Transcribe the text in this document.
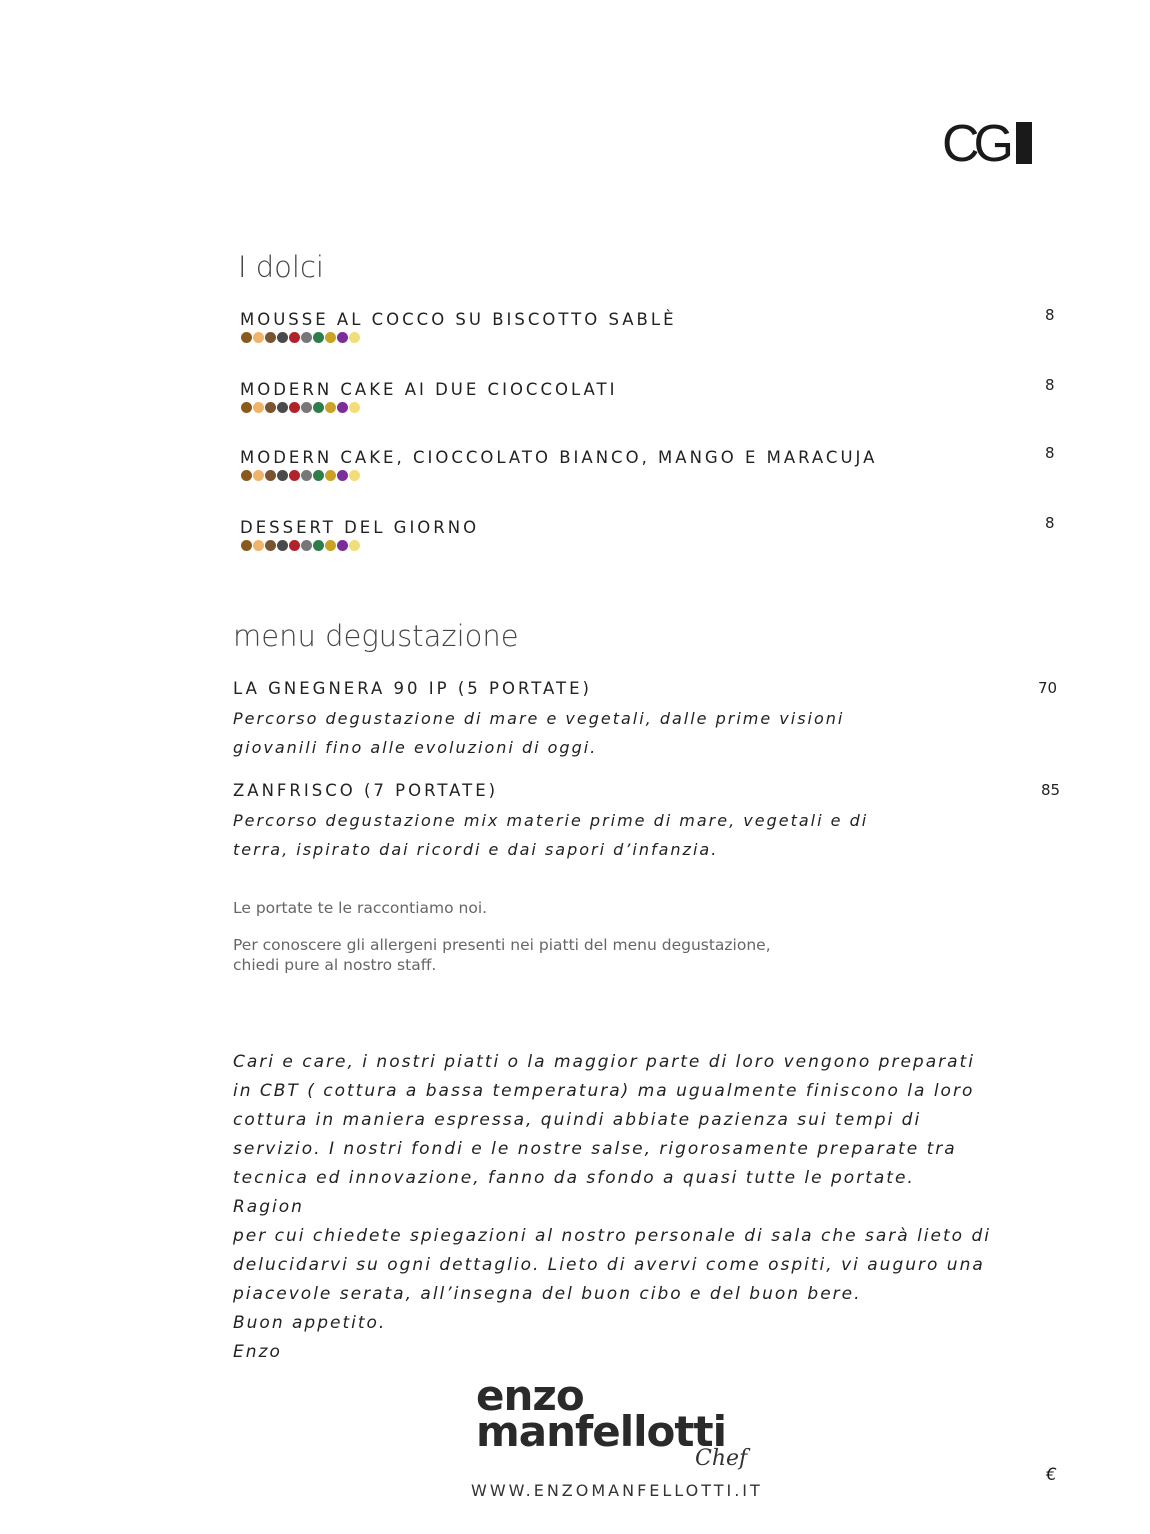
CG
I dolci
MOUSSE AL COCCO SU BISCOTTO SABLÈ	8
MODERN CAKE AI DUE CIOCCOLATI	8
MODERN CAKE, CIOCCOLATO BIANCO, MANGO E MARACUJA	8
DESSERT DEL GIORNO	8
menu degustazione
LA GNEGNERA 90 IP (5 PORTATE)	70
Percorso degustazione di mare e vegetali, dalle prime visioni
giovanili fino alle evoluzioni di oggi.
ZANFRISCO (7 PORTATE)	85
Percorso degustazione mix materie prime di mare, vegetali e di
terra, ispirato dai ricordi e dai sapori d’infanzia.
Le portate te le raccontiamo noi.
Per conoscere gli allergeni presenti nei piatti del menu degustazione,
chiedi pure al nostro staff.
Cari e care, i nostri piatti o la maggior parte di loro vengono preparati
in CBT ( cottura a bassa temperatura) ma ugualmente finiscono la loro
cottura in maniera espressa, quindi abbiate pazienza sui tempi di
servizio. I nostri fondi e le nostre salse, rigorosamente preparate tra
tecnica ed innovazione, fanno da sfondo a quasi tutte le portate. Ragion
per cui chiedete spiegazioni al nostro personale di sala che sarà lieto di
delucidarvi su ogni dettaglio. Lieto di avervi come ospiti, vi auguro una
piacevole serata, all’insegna del buon cibo e del buon bere.
Buon appetito.
Enzo
enzo
manfellotti
Chef
WWW.ENZOMANFELLOTTI.IT
€
